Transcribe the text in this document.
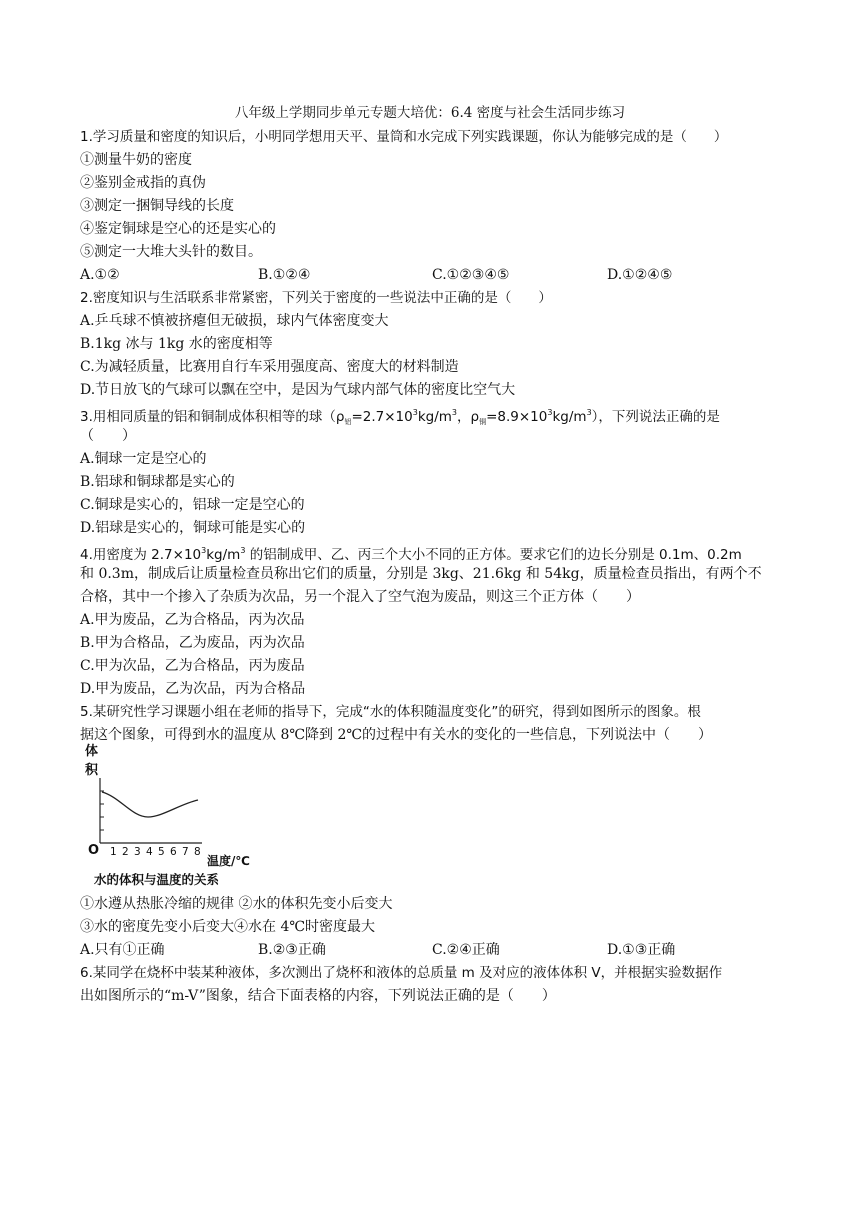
八年级上学期同步单元专题大培优：6.4 密度与社会生活同步练习
1.学习质量和密度的知识后，小明同学想用天平、量筒和水完成下列实践课题，你认为能够完成的是（　　）
①测量牛奶的密度
②鉴别金戒指的真伪
③测定一捆铜导线的长度
④鉴定铜球是空心的还是实心的
⑤测定一大堆大头针的数目。
A.①②	B.①②④	C.①②③④⑤	D.①②④⑤
2.密度知识与生活联系非常紧密，下列关于密度的一些说法中正确的是（　　）
A.乒乓球不慎被挤瘪但无破损，球内气体密度变大
B.1kg 冰与 1kg 水的密度相等
C.为减轻质量，比赛用自行车采用强度高、密度大的材料制造
D.节日放飞的气球可以飘在空中，是因为气球内部气体的密度比空气大
3.用相同质量的铝和铜制成体积相等的球（$\rho_铝=2.7\times 10^3kg/m^3$，$\rho_铜=8.9\times 10^3kg/m^3$），下列说法正确的是
（　　）
A.铜球一定是空心的
B.铝球和铜球都是实心的
C.铜球是实心的，铝球一定是空心的
D.铝球是实心的，铜球可能是实心的
4.用密度为 $2.7\times 10^3kg/m^3$ 的铝制成甲、乙、丙三个大小不同的正方体。要求它们的边长分别是 0.1m、0.2m
和 0.3m，制成后让质量检查员称出它们的质量，分别是 3kg、21.6kg 和 54kg，质量检查员指出，有两个不
合格，其中一个掺入了杂质为次品，另一个混入了空气泡为废品，则这三个正方体（　　）
A.甲为废品，乙为合格品，丙为次品
B.甲为合格品，乙为废品，丙为次品
C.甲为次品，乙为合格品，丙为废品
D.甲为废品，乙为次品，丙为合格品
5.某研究性学习课题小组在老师的指导下，完成“水的体积随温度变化”的研究，得到如图所示的图象。根
据这个图象，可得到水的温度从 8℃降到 2℃的过程中有关水的变化的一些信息，下列说法中（　　）
体
积
O 1 2 3 4 5 6 7 8
温度/℃
水的体积与温度的关系
①水遵从热胀冷缩的规律 ②水的体积先变小后变大
③水的密度先变小后变大④水在 4℃时密度最大
A.只有①正确	B.②③正确	C.②④正确	D.①③正确
6.某同学在烧杯中装某种液体，多次测出了烧杯和液体的总质量 m 及对应的液体体积 V，并根据实验数据作
出如图所示的“m-V”图象，结合下面表格的内容，下列说法正确的是（　　）
